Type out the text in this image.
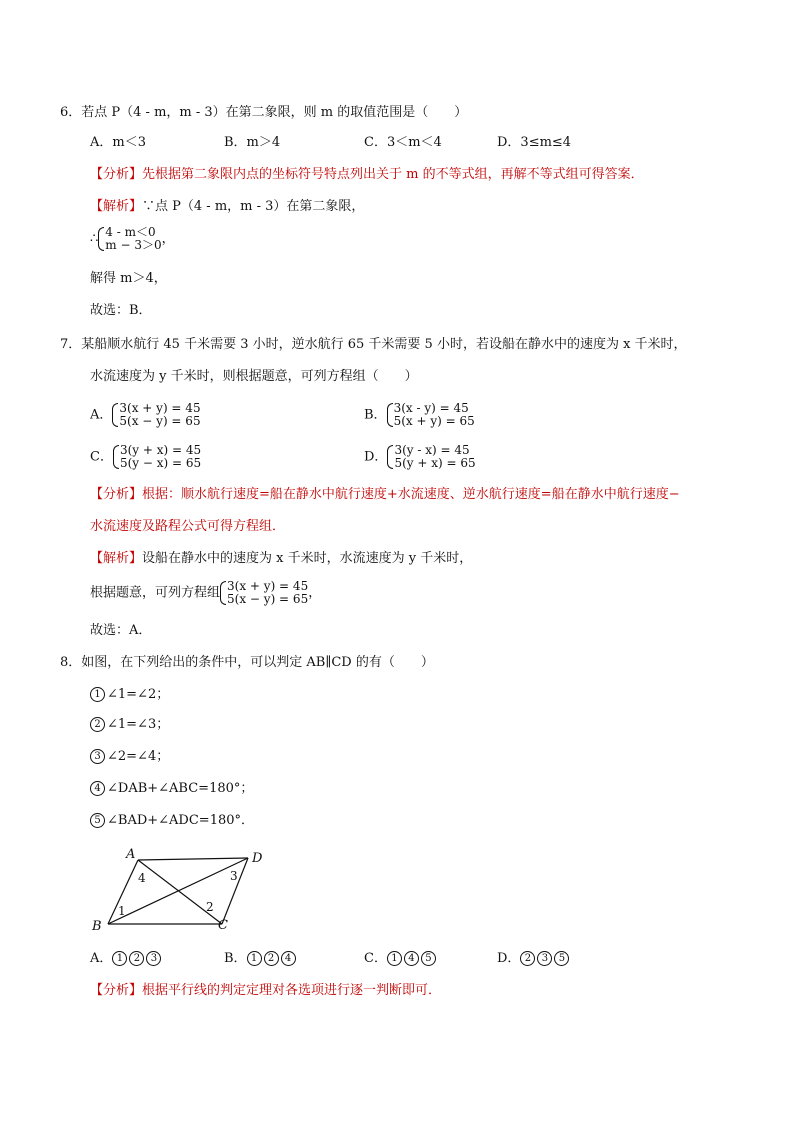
6．若点 P（4 - m，m - 3）在第二象限，则 m 的取值范围是（　　）
A．m＜3	B．m＞4	C．3＜m＜4	D．3≤m≤4
【分析】先根据第二象限内点的坐标符号特点列出关于 m 的不等式组，再解不等式组可得答案．
【解析】∵点 P（4 - m，m - 3）在第二象限，
∴ 4 - m＜0
m − 3＞0 ，
解得 m＞4，
故选：B．
7．某船顺水航行 45 千米需要 3 小时，逆水航行 65 千米需要 5 小时，若设船在静水中的速度为 x 千米时，
水流速度为 y 千米时，则根据题意，可列方程组（　　）
A． 3(x + y) = 45
5(x − y) = 65	B． 3(x - y) = 45
5(x + y) = 65
C． 3(y + x) = 45
5(y − x) = 65	D． 3(y - x) = 45
5(y + x) = 65
【分析】根据：顺水航行速度=船在静水中航行速度+水流速度、逆水航行速度=船在静水中航行速度−
水流速度及路程公式可得方程组．
【解析】设船在静水中的速度为 x 千米时，水流速度为 y 千米时，
根据题意，可列方程组 3(x + y) = 45
5(x − y) = 65 ，
故选：A．
8．如图，在下列给出的条件中，可以判定 AB∥CD 的有（　　）
1 ∠1=∠2；
2 ∠1=∠3；
3 ∠2=∠4；
4 ∠DAB+∠ABC=180°；
5 ∠BAD+∠ADC=180°．
A	D
B	C
1	2
3
4
A． 1 2 3	B． 1 2 4	C． 1 4 5	D． 2 3 5
【分析】根据平行线的判定定理对各选项进行逐一判断即可．
